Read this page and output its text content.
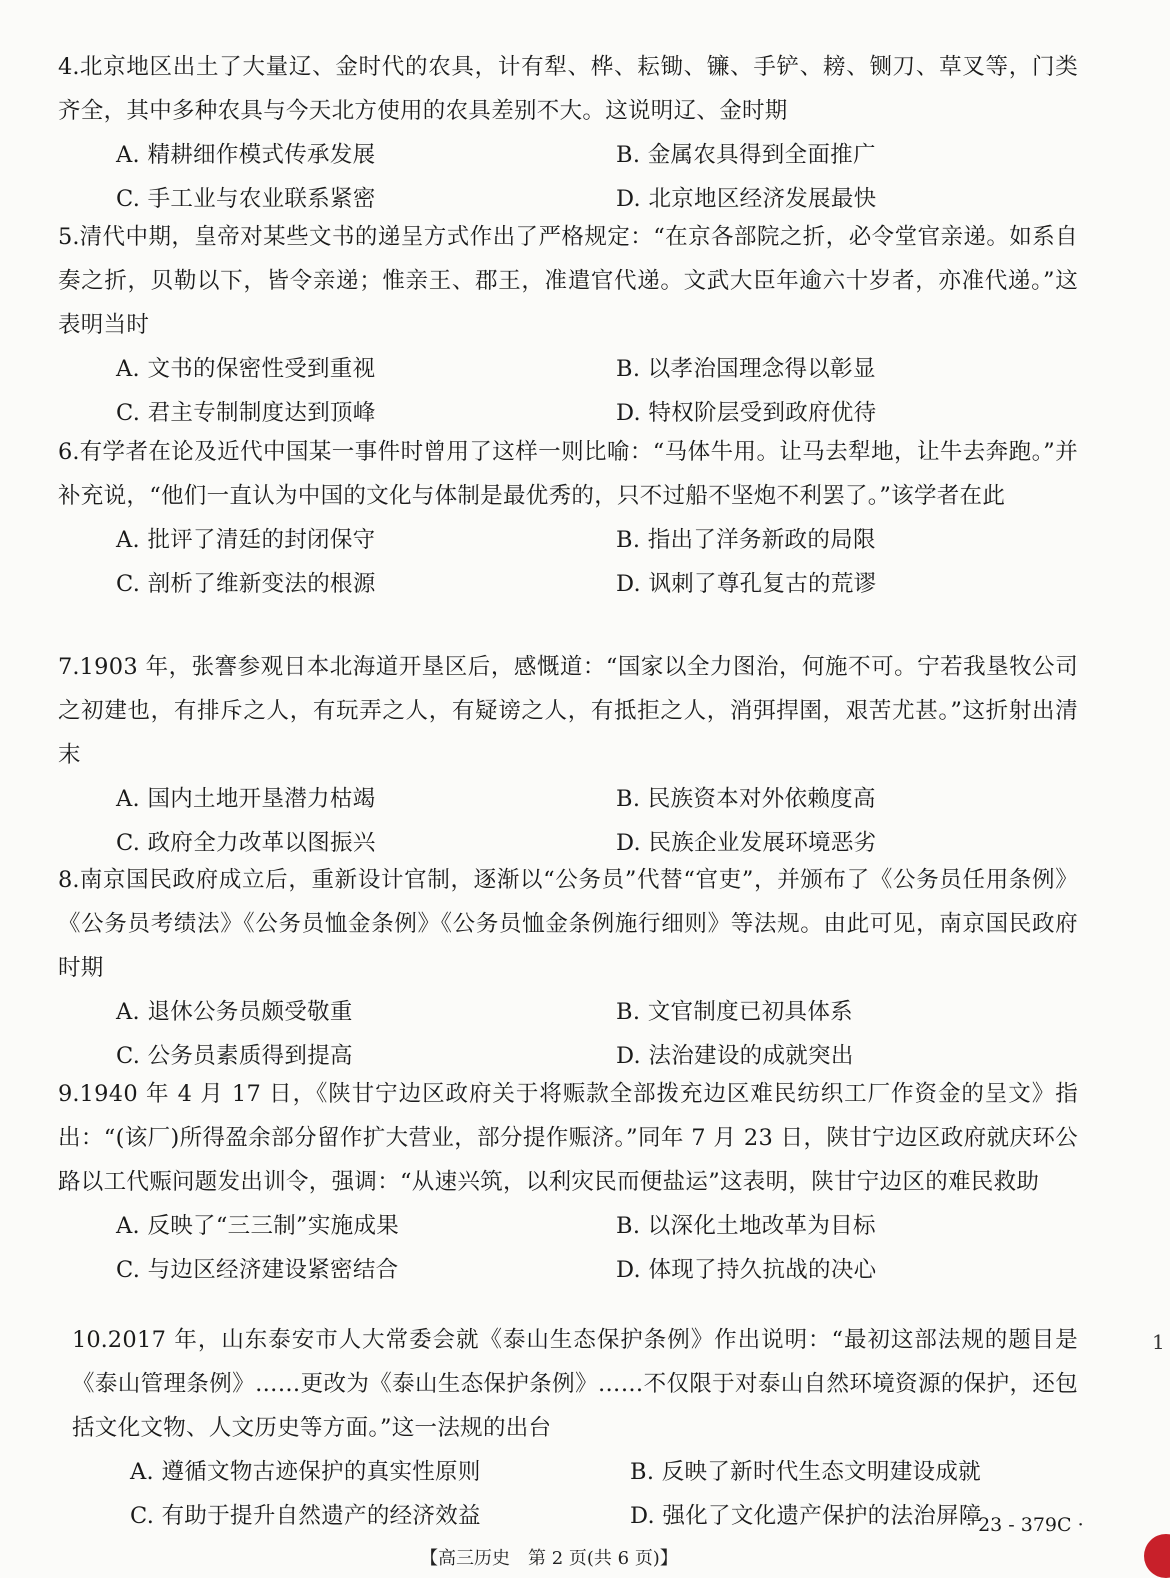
4.北京地区出土了大量辽、金时代的农具，计有犁、桦、耘锄、镰、手铲、耪、铡刀、草叉等，门类齐全，其中多种农具与今天北方使用的农具差别不大。这说明辽、金时期
A. 精耕细作模式传承发展	B. 金属农具得到全面推广
C. 手工业与农业联系紧密	D. 北京地区经济发展最快
5.清代中期，皇帝对某些文书的递呈方式作出了严格规定：“在京各部院之折，必令堂官亲递。如系自奏之折，贝勒以下，皆令亲递；惟亲王、郡王，准遣官代递。文武大臣年逾六十岁者，亦准代递。”这表明当时
A. 文书的保密性受到重视	B. 以孝治国理念得以彰显
C. 君主专制制度达到顶峰	D. 特权阶层受到政府优待
6.有学者在论及近代中国某一事件时曾用了这样一则比喻：“马体牛用。让马去犁地，让牛去奔跑。”并补充说，“他们一直认为中国的文化与体制是最优秀的，只不过船不坚炮不利罢了。”该学者在此
A. 批评了清廷的封闭保守	B. 指出了洋务新政的局限
C. 剖析了维新变法的根源	D. 讽刺了尊孔复古的荒谬
7.1903 年，张謇参观日本北海道开垦区后，感慨道：“国家以全力图治，何施不可。宁若我垦牧公司之初建也，有排斥之人，有玩弄之人，有疑谤之人，有抵拒之人，消弭捍圉，艰苦尤甚。”这折射出清末
A. 国内土地开垦潜力枯竭	B. 民族资本对外依赖度高
C. 政府全力改革以图振兴	D. 民族企业发展环境恶劣
8.南京国民政府成立后，重新设计官制，逐渐以“公务员”代替“官吏”，并颁布了《公务员任用条例》《公务员考绩法》《公务员恤金条例》《公务员恤金条例施行细则》等法规。由此可见，南京国民政府时期
A. 退休公务员颇受敬重	B. 文官制度已初具体系
C. 公务员素质得到提高	D. 法治建设的成就突出
9.1940 年 4 月 17 日，《陕甘宁边区政府关于将赈款全部拨充边区难民纺织工厂作资金的呈文》指出：“(该厂)所得盈余部分留作扩大营业，部分提作赈济。”同年 7 月 23 日，陕甘宁边区政府就庆环公路以工代赈问题发出训令，强调：“从速兴筑，以利灾民而便盐运”这表明，陕甘宁边区的难民救助
A. 反映了“三三制”实施成果	B. 以深化土地改革为目标
C. 与边区经济建设紧密结合	D. 体现了持久抗战的决心
10.2017 年，山东泰安市人大常委会就《泰山生态保护条例》作出说明：“最初这部法规的题目是《泰山管理条例》……更改为《泰山生态保护条例》……不仅限于对泰山自然环境资源的保护，还包括文化文物、人文历史等方面。”这一法规的出台
A. 遵循文物古迹保护的真实性原则	B. 反映了新时代生态文明建设成就
C. 有助于提升自然遗产的经济效益	D. 强化了文化遗产保护的法治屏障
1
· 23 - 379C ·
【高三历史　第 2 页(共 6 页)】
